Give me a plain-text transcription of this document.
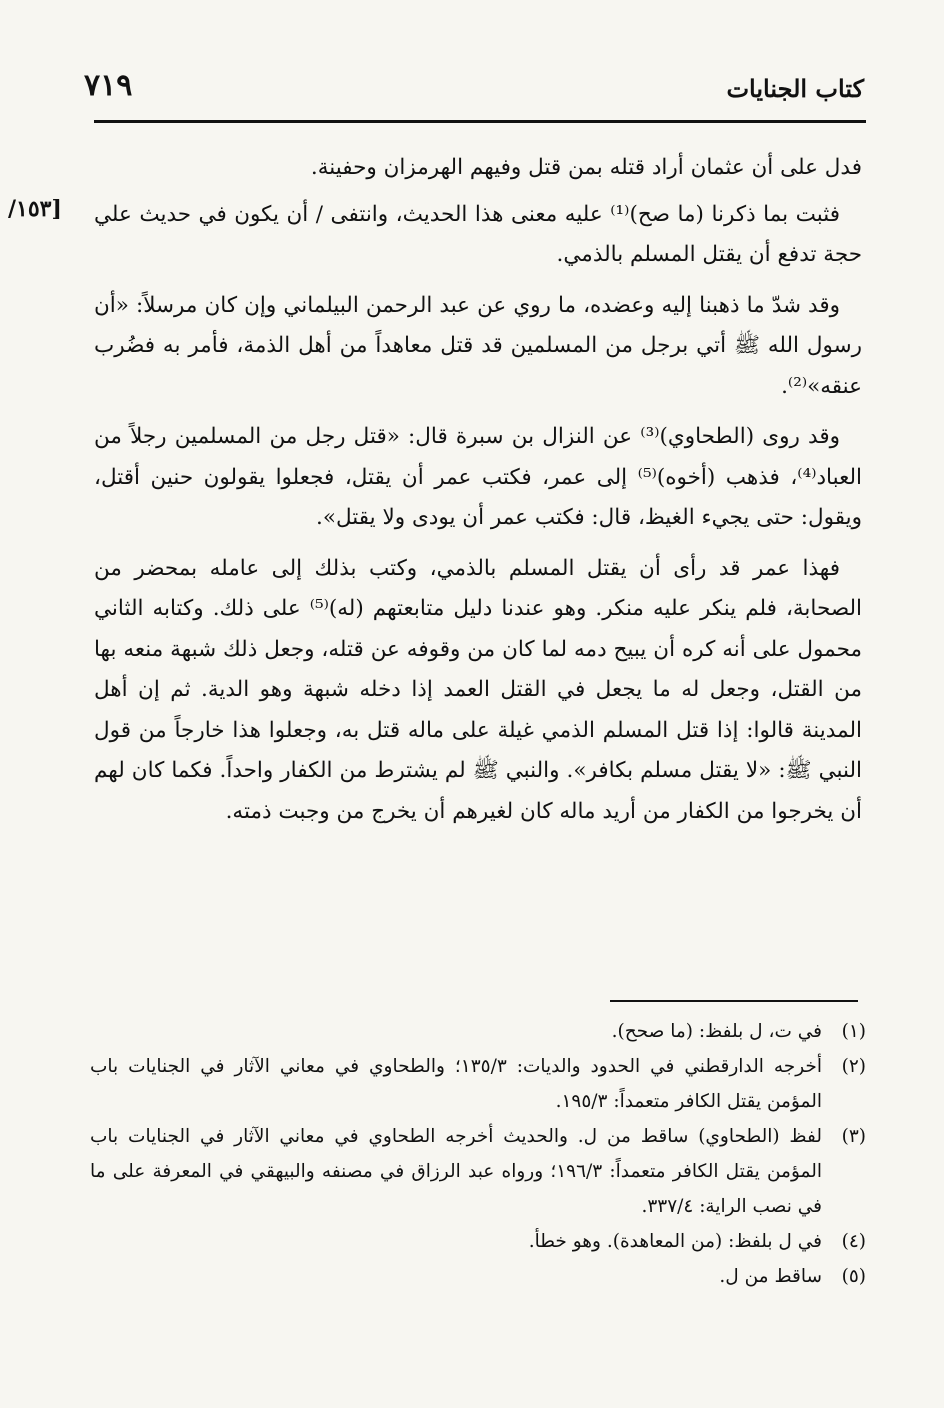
كتاب الجنايات
٧١٩
[١٥٣/

فدل على أن عثمان أراد قتله بمن قتل وفيهم الهرمزان وحفينة.

فثبت بما ذكرنا (ما صح)⁽¹⁾ عليه معنى هذا الحديث، وانتفى / أن يكون في حديث علي حجة تدفع أن يقتل المسلم بالذمي.

وقد شدّ ما ذهبنا إليه وعضده، ما روي عن عبد الرحمن البيلماني وإن كان مرسلاً: «أن رسول الله ﷺ أتي برجل من المسلمين قد قتل معاهداً من أهل الذمة، فأمر به فضُرب عنقه»⁽²⁾.

وقد روى (الطحاوي)⁽³⁾ عن النزال بن سبرة قال: «قتل رجل من المسلمين رجلاً من العباد⁽⁴⁾، فذهب (أخوه)⁽⁵⁾ إلى عمر، فكتب عمر أن يقتل، فجعلوا يقولون حنين أقتل، ويقول: حتى يجيء الغيظ، قال: فكتب عمر أن يودى ولا يقتل».

فهذا عمر قد رأى أن يقتل المسلم بالذمي، وكتب بذلك إلى عامله بمحضر من الصحابة، فلم ينكر عليه منكر. وهو عندنا دليل متابعتهم (له)⁽⁵⁾ على ذلك. وكتابه الثاني محمول على أنه كره أن يبيح دمه لما كان من وقوفه عن قتله، وجعل ذلك شبهة منعه بها من القتل، وجعل له ما يجعل في القتل العمد إذا دخله شبهة وهو الدية. ثم إن أهل المدينة قالوا: إذا قتل المسلم الذمي غيلة على ماله قتل به، وجعلوا هذا خارجاً من قول النبي ﷺ: «لا يقتل مسلم بكافر». والنبي ﷺ لم يشترط من الكفار واحداً. فكما كان لهم أن يخرجوا من الكفار من أريد ماله كان لغيرهم أن يخرج من وجبت ذمته.

(١)
في ت، ل بلفظ: (ما صحح).
(٢)
أخرجه الدارقطني في الحدود والديات: ١٣٥/٣؛ والطحاوي في معاني الآثار في الجنايات باب المؤمن يقتل الكافر متعمداً: ١٩٥/٣.
(٣)
لفظ (الطحاوي) ساقط من ل. والحديث أخرجه الطحاوي في معاني الآثار في الجنايات باب المؤمن يقتل الكافر متعمداً: ١٩٦/٣؛ ورواه عبد الرزاق في مصنفه والبيهقي في المعرفة على ما في نصب الراية: ٣٣٧/٤.
(٤)
في ل بلفظ: (من المعاهدة). وهو خطأ.
(٥)
ساقط من ل.
